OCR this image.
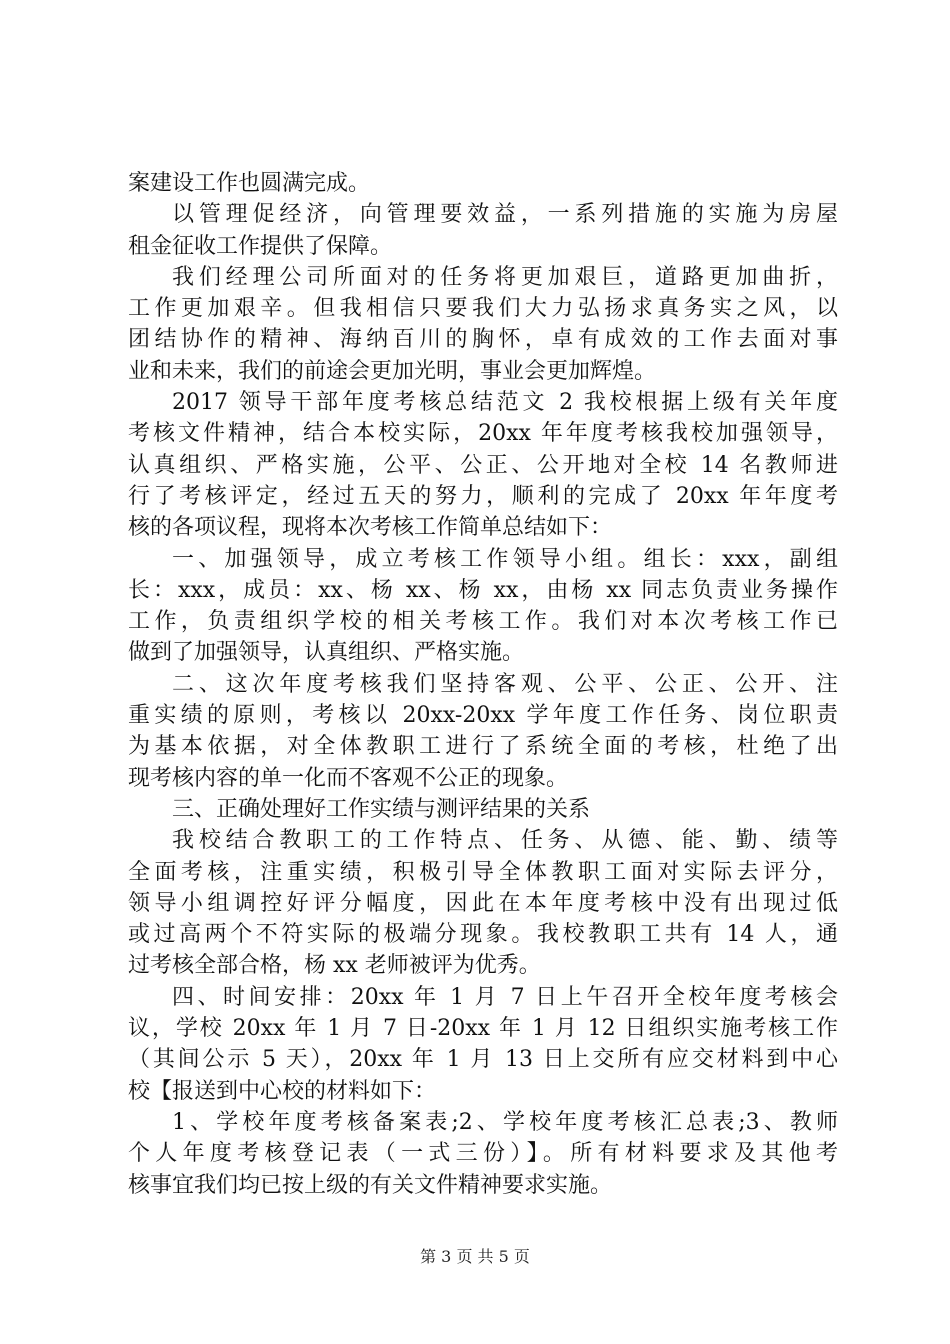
案建设工作也圆满完成。
以管理促经济，向管理要效益，一系列措施的实施为房屋
租金征收工作提供了保障。
我们经理公司所面对的任务将更加艰巨，道路更加曲折，
工作更加艰辛。但我相信只要我们大力弘扬求真务实之风，以
团结协作的精神、海纳百川的胸怀，卓有成效的工作去面对事
业和未来，我们的前途会更加光明，事业会更加辉煌。
2017 领导干部年度考核总结范文 2 我校根据上级有关年度
考核文件精神，结合本校实际，20xx 年年度考核我校加强领导，
认真组织、严格实施，公平、公正、公开地对全校 14 名教师进
行了考核评定，经过五天的努力，顺利的完成了 20xx 年年度考
核的各项议程，现将本次考核工作简单总结如下：
一、加强领导，成立考核工作领导小组。组长：xxx，副组
长：xxx，成员：xx、杨 xx、杨 xx，由杨 xx 同志负责业务操作
工作，负责组织学校的相关考核工作。我们对本次考核工作已
做到了加强领导，认真组织、严格实施。
二、这次年度考核我们坚持客观、公平、公正、公开、注
重实绩的原则，考核以 20xx-20xx 学年度工作任务、岗位职责
为基本依据，对全体教职工进行了系统全面的考核，杜绝了出
现考核内容的单一化而不客观不公正的现象。
三、正确处理好工作实绩与测评结果的关系
我校结合教职工的工作特点、任务、从德、能、勤、绩等
全面考核，注重实绩，积极引导全体教职工面对实际去评分，
领导小组调控好评分幅度，因此在本年度考核中没有出现过低
或过高两个不符实际的极端分现象。我校教职工共有 14 人，通
过考核全部合格，杨 xx 老师被评为优秀。
四、时间安排：20xx 年 1 月 7 日上午召开全校年度考核会
议，学校 20xx 年 1 月 7 日-20xx 年 1 月 12 日组织实施考核工作
（其间公示 5 天），20xx 年 1 月 13 日上交所有应交材料到中心
校【报送到中心校的材料如下：
1、学校年度考核备案表;2、学校年度考核汇总表;3、教师
个人年度考核登记表（一式三份）】。所有材料要求及其他考
核事宜我们均已按上级的有关文件精神要求实施。
第 3 页 共 5 页
